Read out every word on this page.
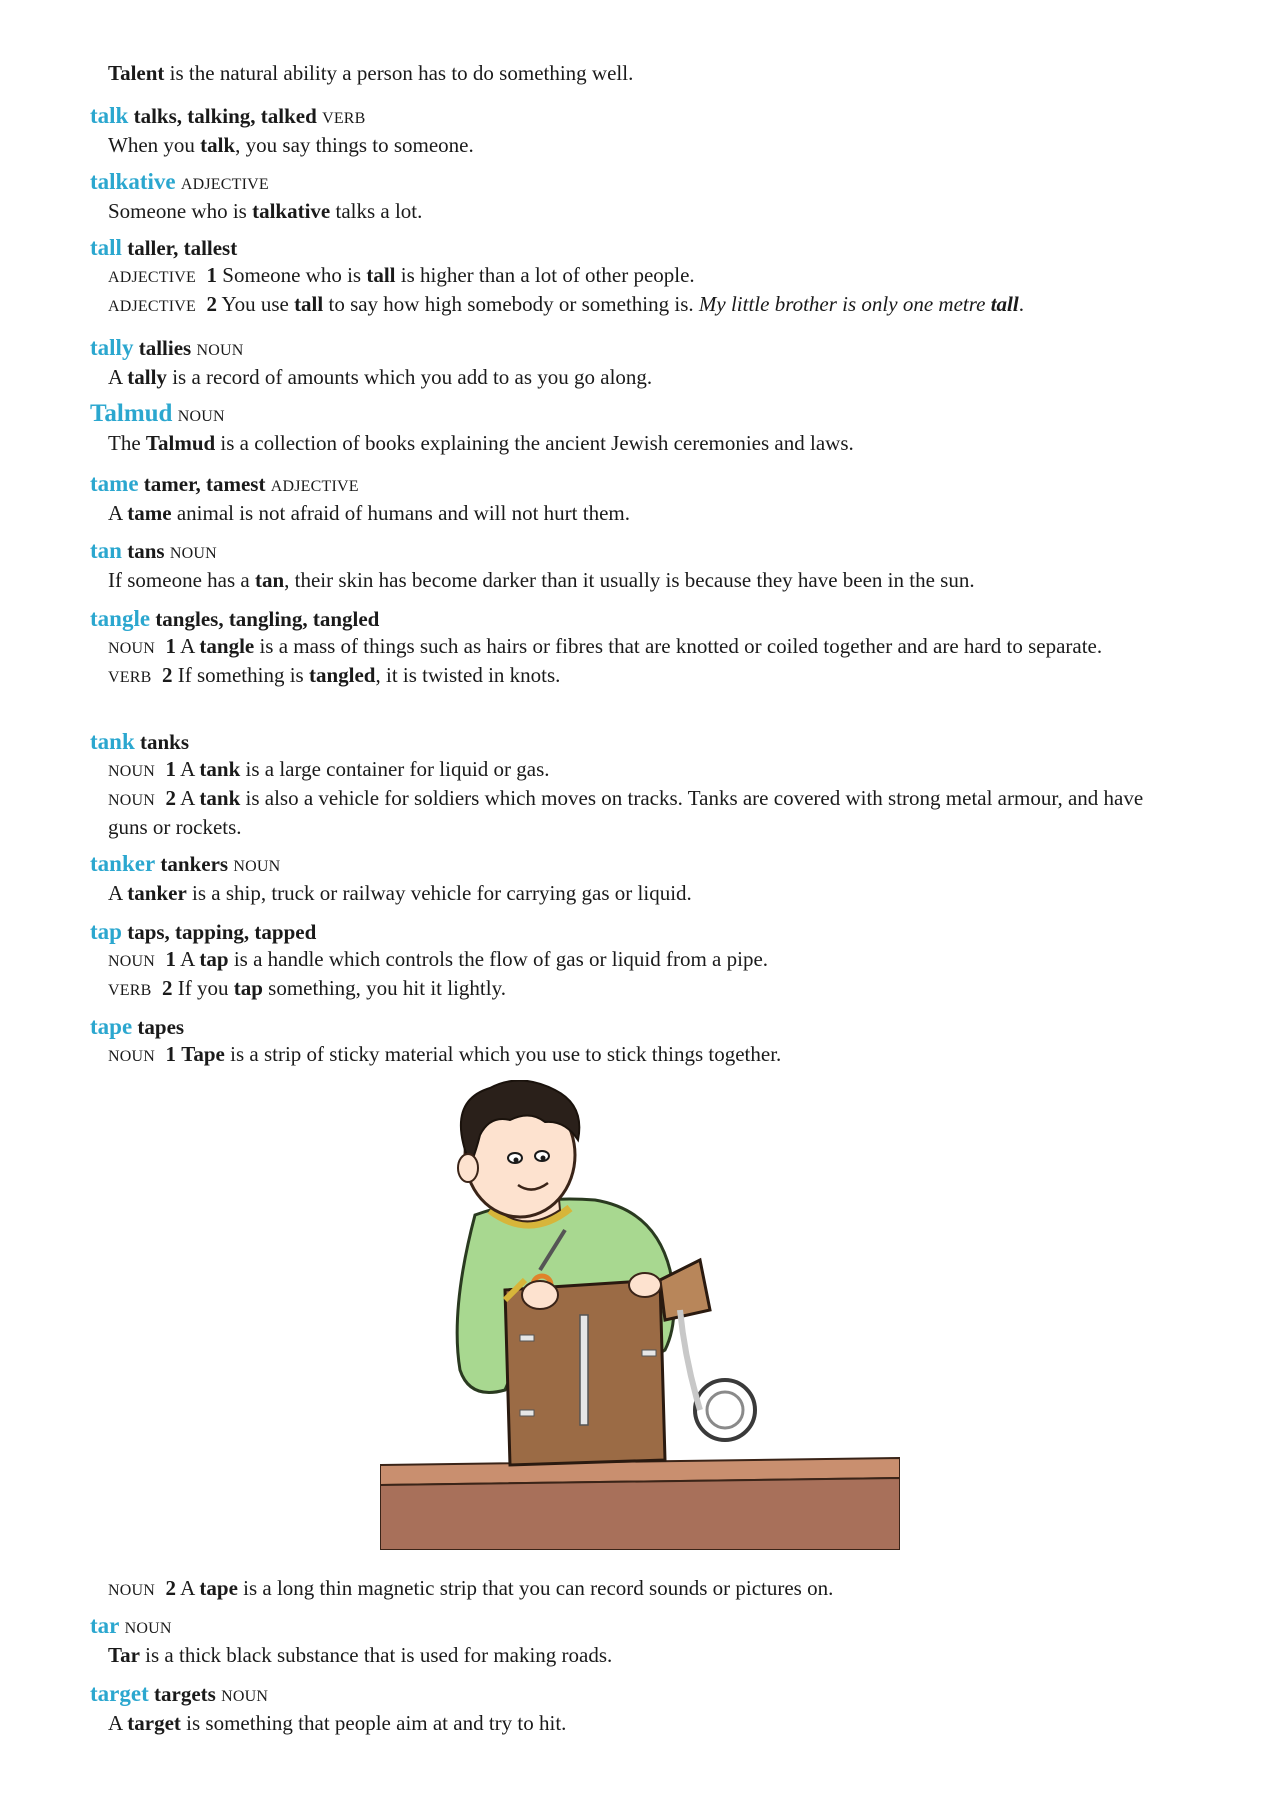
Talent is the natural ability a person has to do something well.
talk talks, talking, talked VERB
When you talk, you say things to someone.
talkative ADJECTIVE
Someone who is talkative talks a lot.
tall taller, tallest
ADJECTIVE 1 Someone who is tall is higher than a lot of other people.
ADJECTIVE 2 You use tall to say how high somebody or something is. My little brother is only one metre tall.
tally tallies NOUN
A tally is a record of amounts which you add to as you go along.
Talmud NOUN
The Talmud is a collection of books explaining the ancient Jewish ceremonies and laws.
tame tamer, tamest ADJECTIVE
A tame animal is not afraid of humans and will not hurt them.
tan tans NOUN
If someone has a tan, their skin has become darker than it usually is because they have been in the sun.
tangle tangles, tangling, tangled
NOUN 1 A tangle is a mass of things such as hairs or fibres that are knotted or coiled together and are hard to separate.
VERB 2 If something is tangled, it is twisted in knots.
tank tanks
NOUN 1 A tank is a large container for liquid or gas.
NOUN 2 A tank is also a vehicle for soldiers which moves on tracks. Tanks are covered with strong metal armour, and have guns or rockets.
tanker tankers NOUN
A tanker is a ship, truck or railway vehicle for carrying gas or liquid.
tap taps, tapping, tapped
NOUN 1 A tap is a handle which controls the flow of gas or liquid from a pipe.
VERB 2 If you tap something, you hit it lightly.
tape tapes
NOUN 1 Tape is a strip of sticky material which you use to stick things together.
NOUN 2 A tape is a long thin magnetic strip that you can record sounds or pictures on.
tar NOUN
Tar is a thick black substance that is used for making roads.
target targets NOUN
A target is something that people aim at and try to hit.
